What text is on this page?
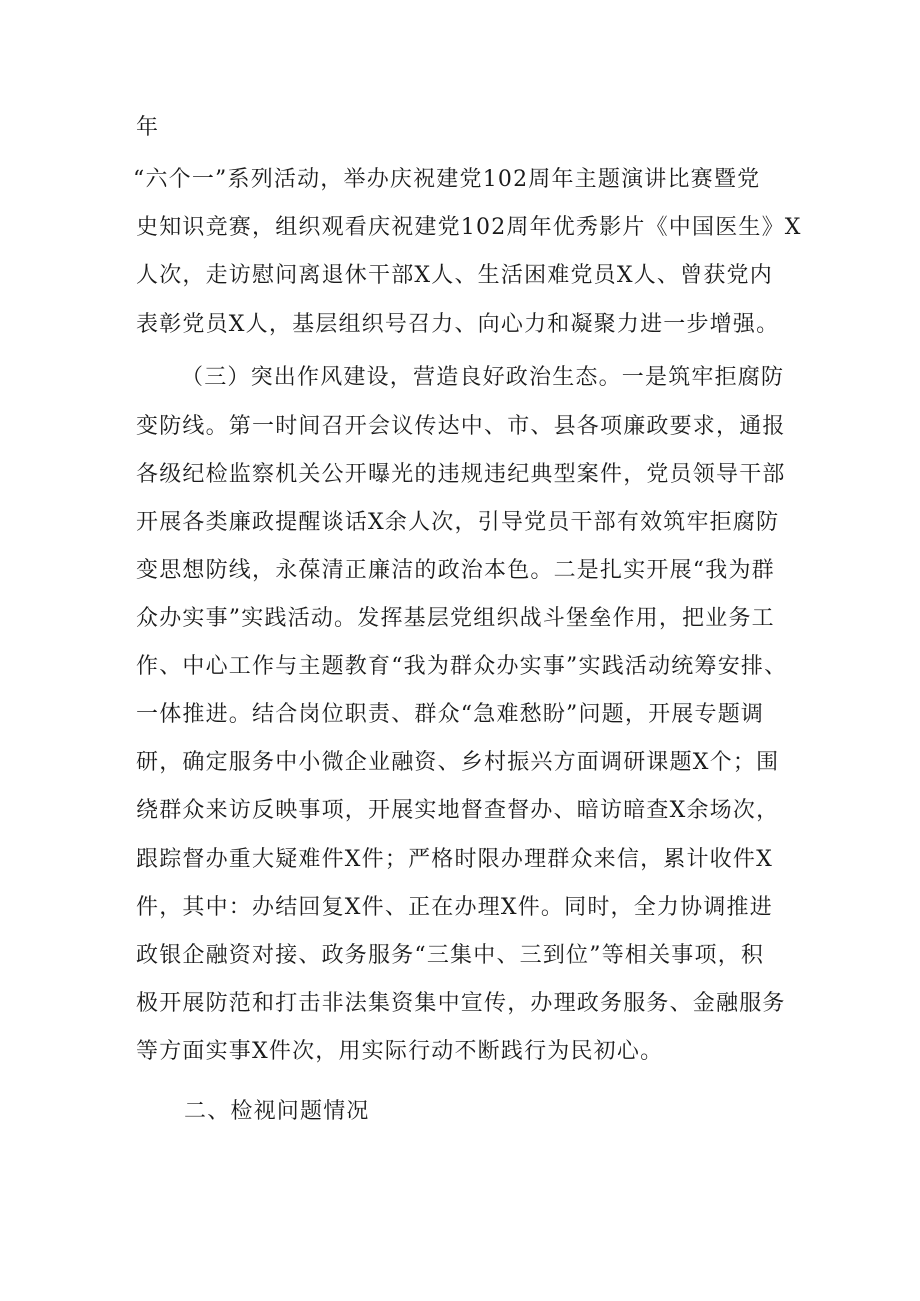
年
“六个一”系列活动，举办庆祝建党102周年主题演讲比赛暨党
史知识竞赛，组织观看庆祝建党102周年优秀影片《中国医生》X
人次，走访慰问离退休干部X人、生活困难党员X人、曾获党内
表彰党员X人，基层组织号召力、向心力和凝聚力进一步增强。
（三）突出作风建设，营造良好政治生态。一是筑牢拒腐防
变防线。第一时间召开会议传达中、市、县各项廉政要求，通报
各级纪检监察机关公开曝光的违规违纪典型案件，党员领导干部
开展各类廉政提醒谈话X余人次，引导党员干部有效筑牢拒腐防
变思想防线，永葆清正廉洁的政治本色。二是扎实开展“我为群
众办实事”实践活动。发挥基层党组织战斗堡垒作用，把业务工
作、中心工作与主题教育“我为群众办实事”实践活动统筹安排、
一体推进。结合岗位职责、群众“急难愁盼”问题，开展专题调
研，确定服务中小微企业融资、乡村振兴方面调研课题X个；围
绕群众来访反映事项，开展实地督查督办、暗访暗查X余场次，
跟踪督办重大疑难件X件；严格时限办理群众来信，累计收件X
件，其中：办结回复X件、正在办理X件。同时，全力协调推进
政银企融资对接、政务服务“三集中、三到位”等相关事项，积
极开展防范和打击非法集资集中宣传，办理政务服务、金融服务
等方面实事X件次，用实际行动不断践行为民初心。
二、检视问题情况
